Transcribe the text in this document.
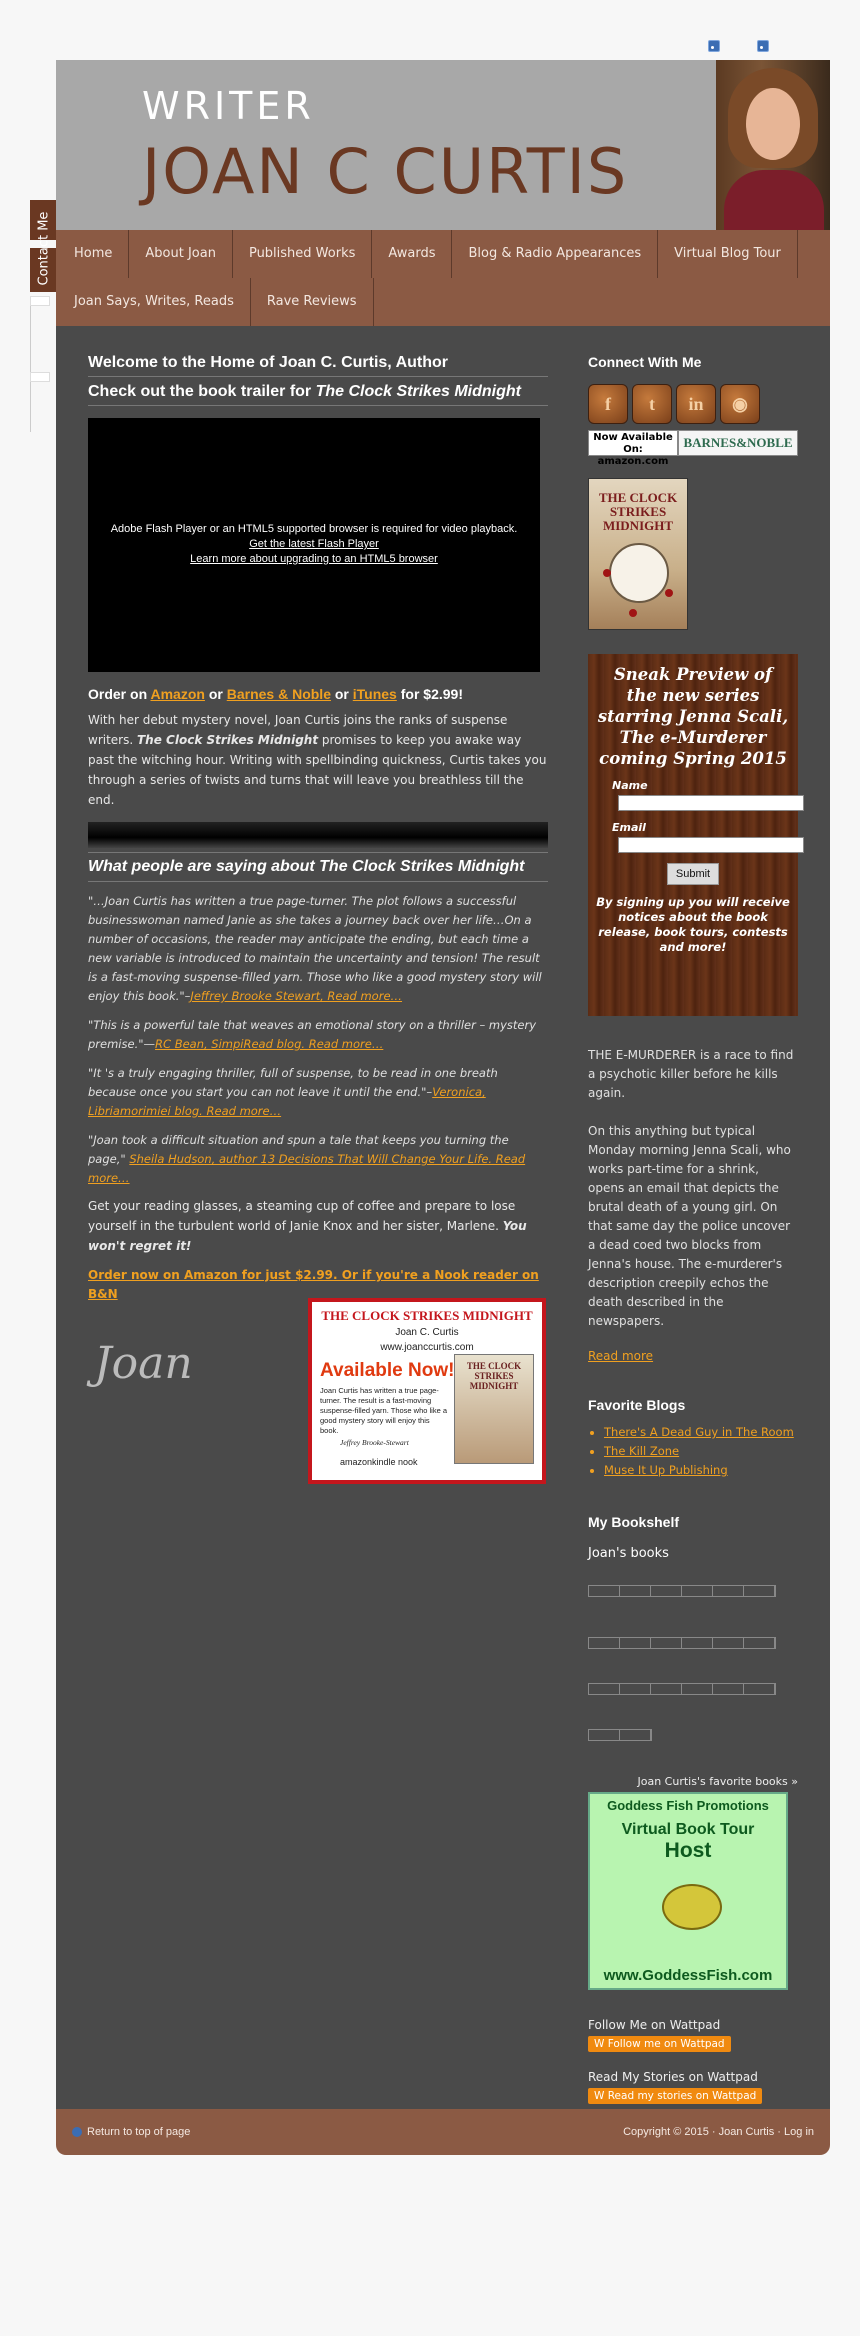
Contact Me
WRITER
JOAN C CURTIS
Home	About Joan	Published Works	Awards	Blog & Radio Appearances	Virtual Blog Tour
Joan Says, Writes, Reads	Rave Reviews
Welcome to the Home of Joan C. Curtis, Author
Check out the book trailer for The Clock Strikes Midnight
Adobe Flash Player or an HTML5 supported browser is required for video playback.
Get the latest Flash Player
Learn more about upgrading to an HTML5 browser
Order on Amazon or Barnes & Noble or iTunes for $2.99!

With her debut mystery novel, Joan Curtis joins the ranks of suspense writers. The Clock Strikes Midnight promises to keep you awake way past the witching hour. Writing with spellbinding quickness, Curtis takes you through a series of twists and turns that will leave you breathless till the end.

What people are saying about The Clock Strikes Midnight

"…Joan Curtis has written a true page-turner. The plot follows a successful businesswoman named Janie as she takes a journey back over her life…On a number of occasions, the reader may anticipate the ending, but each time a new variable is introduced to maintain the uncertainty and tension! The result is a fast-moving suspense-filled yarn. Those who like a good mystery story will enjoy this book."–Jeffrey Brooke Stewart, Read more…

"This is a powerful tale that weaves an emotional story on a thriller – mystery premise."—RC Bean, SimpiRead blog. Read more…

"It 's a truly engaging thriller, full of suspense, to be read in one breath because once you start you can not leave it until the end."–Veronica, Libriamorimiei blog. Read more…

"Joan took a difficult situation and spun a tale that keeps you turning the page," Sheila Hudson, author 13 Decisions That Will Change Your Life. Read more…

Get your reading glasses, a steaming cup of coffee and prepare to lose yourself in the turbulent world of Janie Knox and her sister, Marlene. You won't regret it!

Order now on Amazon for just $2.99. Or if you're a Nook reader on B&N
Joan
THE CLOCK STRIKES MIDNIGHT
Joan C. Curtis
www.joanccurtis.com
Available Now!
Joan Curtis has written a true page-turner. The result is a fast-moving suspense-filled yarn. Those who like a good mystery story will enjoy this book.
Jeffrey Brooke-Stewart
amazonkindle nook
THE CLOCK STRIKES MIDNIGHT
Connect With Me
f	t	in	◉
Now Available On: amazon.com
BARNES&NOBLE
THE CLOCK STRIKES MIDNIGHT
Sneak Preview of the new series starring Jenna Scali, The e-Murderer coming Spring 2015
Name
Email
Submit
By signing up you will receive notices about the book release, book tours, contests and more!

THE E-MURDERER is a race to find a psychotic killer before he kills again.

On this anything but typical Monday morning Jenna Scali, who works part-time for a shrink, opens an email that depicts the brutal death of a young girl. On that same day the police uncover a dead coed two blocks from Jenna's house. The e-murderer's description creepily echos the death described in the newspapers.

Read more
Favorite Blogs
• There's A Dead Guy in The Room
• The Kill Zone
• Muse It Up Publishing
My Bookshelf
Joan's books
Joan Curtis's favorite books »
Goddess Fish Promotions
Virtual Book Tour
Host
www.GoddessFish.com
Follow Me on Wattpad
W Follow me on Wattpad
Read My Stories on Wattpad
W Read my stories on Wattpad
Return to top of page	Copyright © 2015 · Joan Curtis · Log in
